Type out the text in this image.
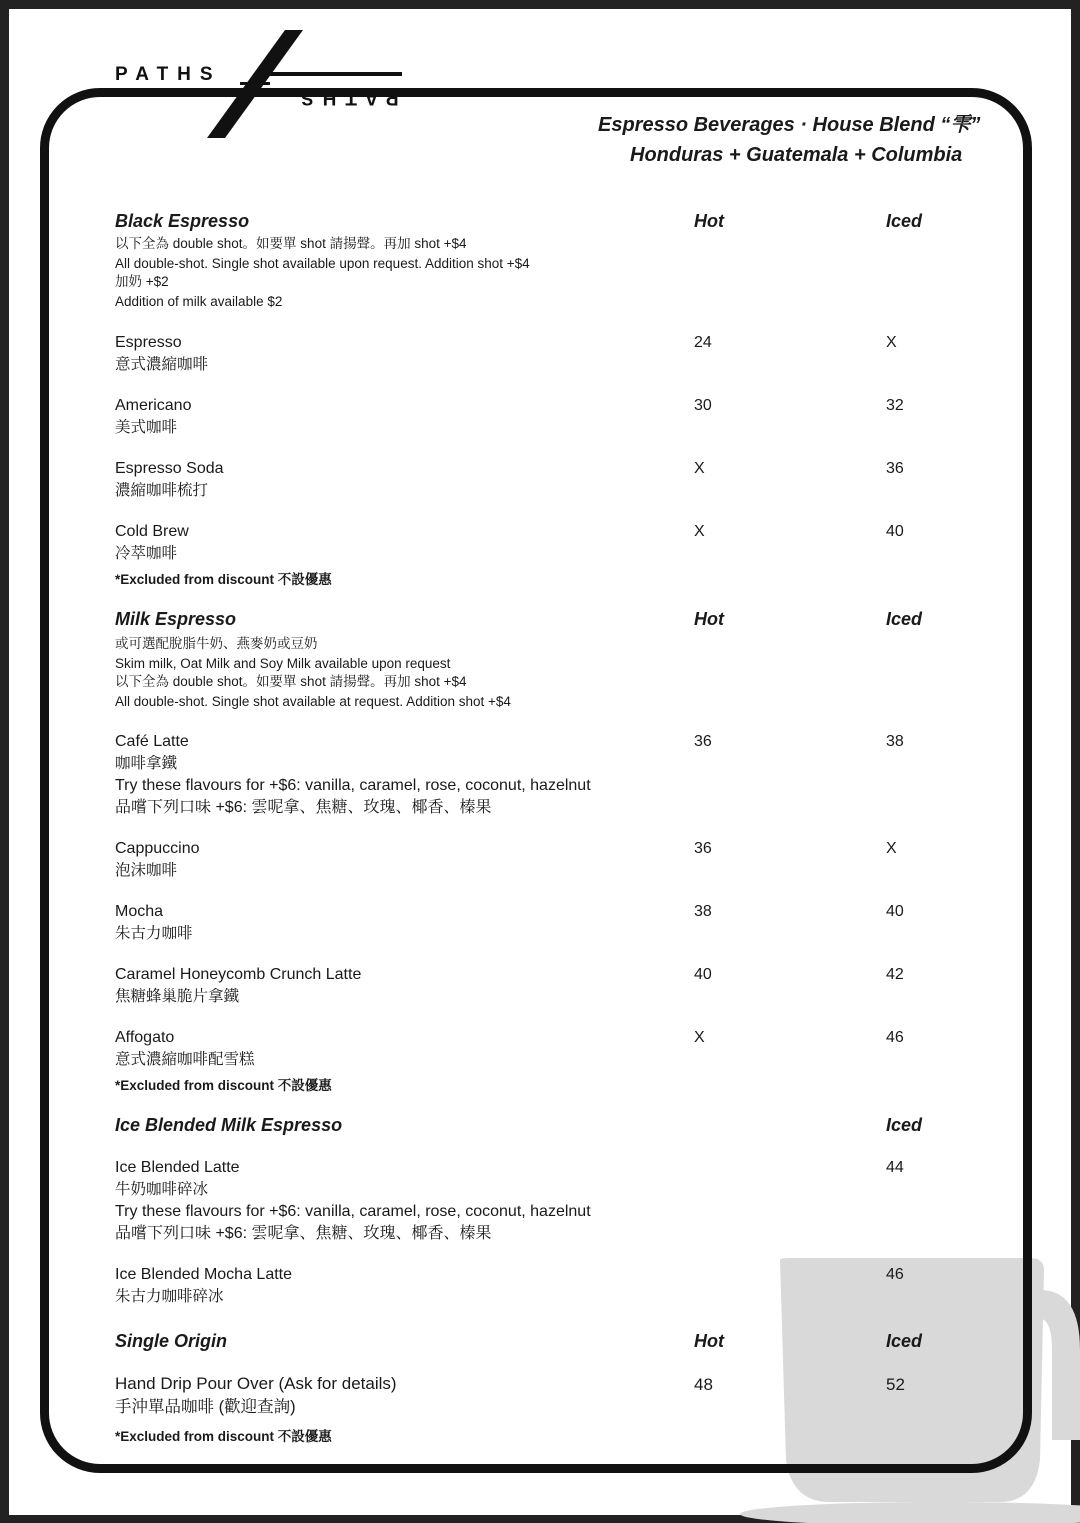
PATHS
PATHS
Espresso Beverages · House Blend “雫”
Honduras + Guatemala + Columbia
Black Espresso	Hot	Iced
以下全為 double shot。如要單 shot 請揚聲。再加 shot +$4
All double-shot. Single shot available upon request. Addition shot +$4
加奶 +$2
Addition of milk available $2
Espresso
意式濃縮咖啡
24	X
Americano
美式咖啡
30	32
Espresso Soda
濃縮咖啡梳打
X	36
Cold Brew
冷萃咖啡
*Excluded from discount 不設優惠
X	40
Milk Espresso	Hot	Iced
或可選配脫脂牛奶、燕麥奶或豆奶
Skim milk, Oat Milk and Soy Milk available upon request
以下全為 double shot。如要單 shot 請揚聲。再加 shot +$4
All double-shot. Single shot available at request. Addition shot +$4
Café Latte
咖啡拿鐵
Try these flavours for +$6: vanilla, caramel, rose, coconut, hazelnut
品嚐下列口味 +$6: 雲呢拿、焦糖、玫瑰、椰香、榛果
36	38
Cappuccino
泡沫咖啡
36	X
Mocha
朱古力咖啡
38	40
Caramel Honeycomb Crunch Latte
焦糖蜂巢脆片拿鐵
40	42
Affogato
意式濃縮咖啡配雪糕
*Excluded from discount 不設優惠
X	46
Ice Blended Milk Espresso	Iced
Ice Blended Latte
牛奶咖啡碎冰
Try these flavours for +$6: vanilla, caramel, rose, coconut, hazelnut
品嚐下列口味 +$6: 雲呢拿、焦糖、玫瑰、椰香、榛果
44
Ice Blended Mocha Latte
朱古力咖啡碎冰
46
Single Origin	Hot	Iced
Hand Drip Pour Over (Ask for details)
手沖單品咖啡 (歡迎查詢)
*Excluded from discount 不設優惠
48	52
